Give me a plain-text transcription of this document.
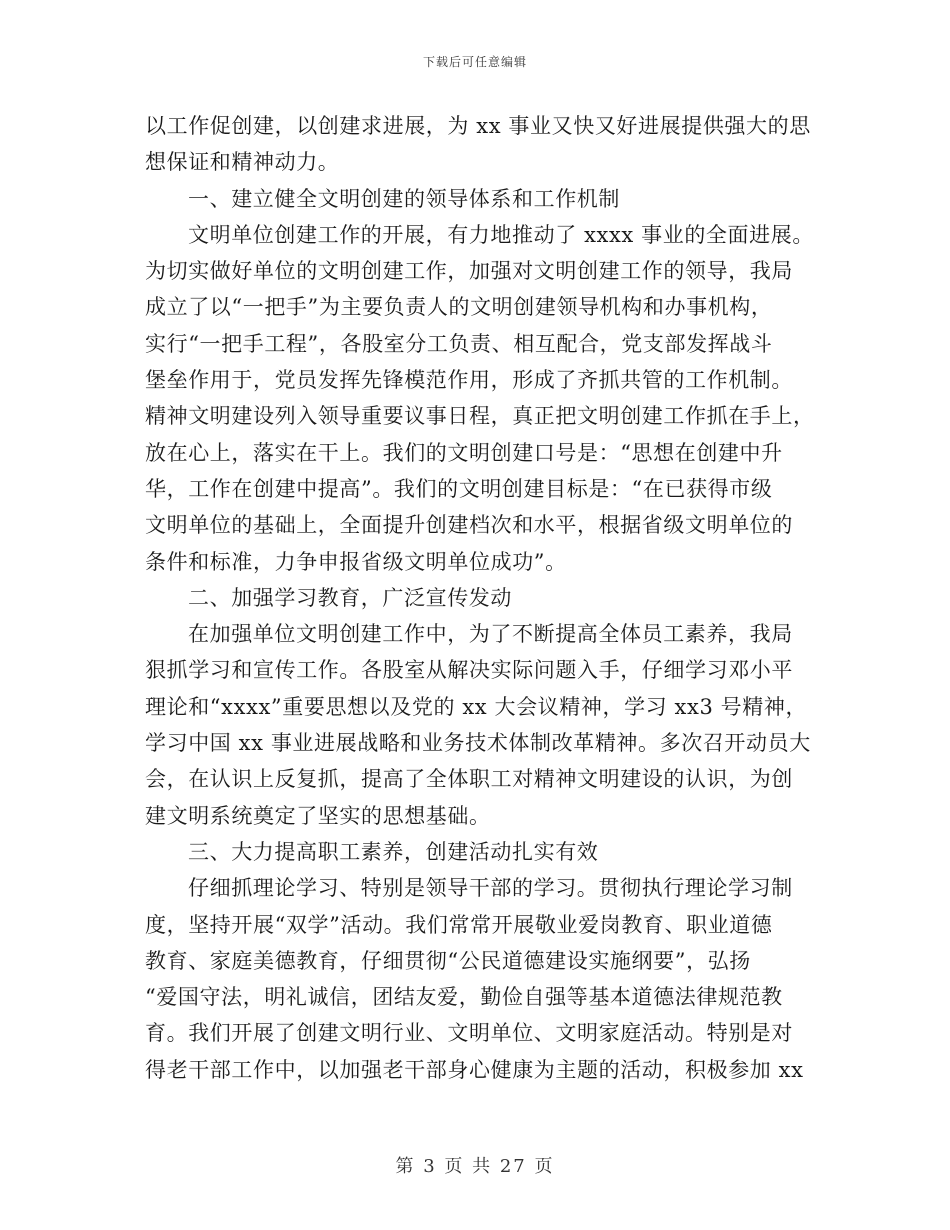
下载后可任意编辑
以工作促创建，以创建求进展，为 xx 事业又快又好进展提供强大的思
想保证和精神动力。
一、建立健全文明创建的领导体系和工作机制
文明单位创建工作的开展，有力地推动了 xxxx 事业的全面进展。
为切实做好单位的文明创建工作，加强对文明创建工作的领导，我局
成立了以“一把手”为主要负责人的文明创建领导机构和办事机构，
实行“一把手工程”，各股室分工负责、相互配合，党支部发挥战斗
堡垒作用于，党员发挥先锋模范作用，形成了齐抓共管的工作机制。
精神文明建设列入领导重要议事日程，真正把文明创建工作抓在手上，
放在心上，落实在干上。我们的文明创建口号是：“思想在创建中升
华，工作在创建中提高”。我们的文明创建目标是：“在已获得市级
文明单位的基础上，全面提升创建档次和水平，根据省级文明单位的
条件和标准，力争申报省级文明单位成功”。
二、加强学习教育，广泛宣传发动
在加强单位文明创建工作中，为了不断提高全体员工素养，我局
狠抓学习和宣传工作。各股室从解决实际问题入手，仔细学习邓小平
理论和“xxxx”重要思想以及党的 xx 大会议精神，学习 xx3 号精神，
学习中国 xx 事业进展战略和业务技术体制改革精神。多次召开动员大
会，在认识上反复抓，提高了全体职工对精神文明建设的认识，为创
建文明系统奠定了坚实的思想基础。
三、大力提高职工素养，创建活动扎实有效
仔细抓理论学习、特别是领导干部的学习。贯彻执行理论学习制
度，坚持开展“双学”活动。我们常常开展敬业爱岗教育、职业道德
教育、家庭美德教育，仔细贯彻“公民道德建设实施纲要”，弘扬
“爱国守法，明礼诚信，团结友爱，勤俭自强等基本道德法律规范教
育。我们开展了创建文明行业、文明单位、文明家庭活动。特别是对
得老干部工作中，以加强老干部身心健康为主题的活动，积极参加 xx
第 3 页 共 27 页
